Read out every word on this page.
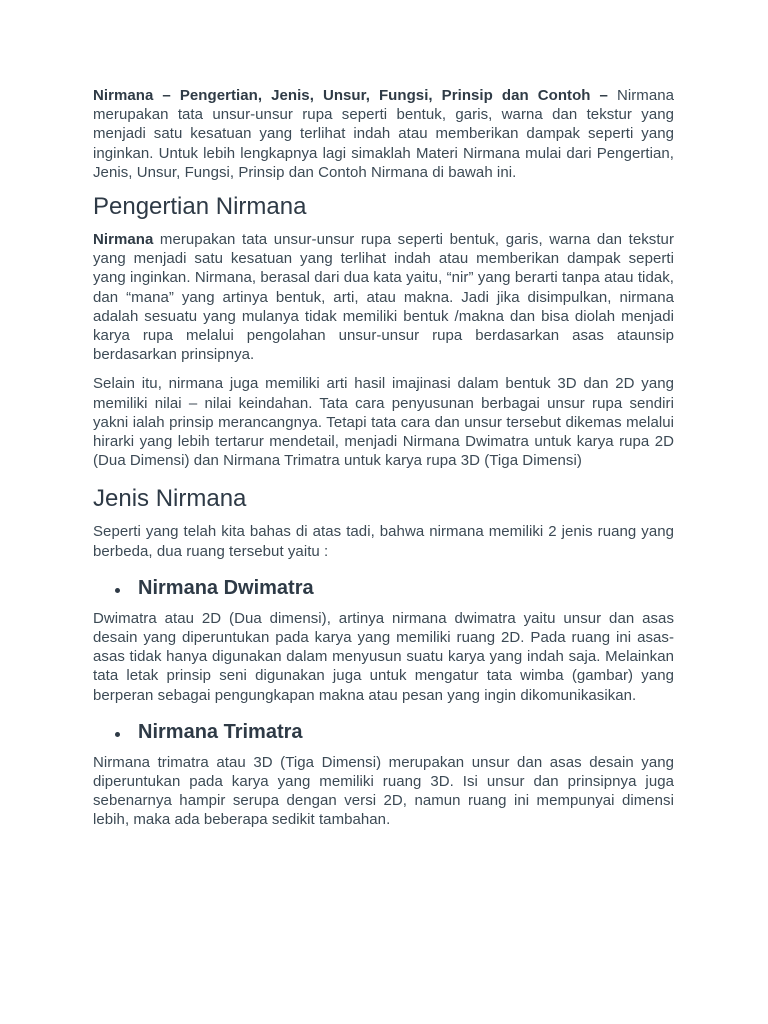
Nirmana – Pengertian, Jenis, Unsur, Fungsi, Prinsip dan Contoh – Nirmana merupakan tata unsur-unsur rupa seperti bentuk, garis, warna dan tekstur yang menjadi satu kesatuan yang terlihat indah atau memberikan dampak seperti yang inginkan. Untuk lebih lengkapnya lagi simaklah Materi Nirmana mulai dari Pengertian, Jenis, Unsur, Fungsi, Prinsip dan Contoh Nirmana di bawah ini.

Pengertian Nirmana

Nirmana merupakan tata unsur-unsur rupa seperti bentuk, garis, warna dan tekstur yang menjadi satu kesatuan yang terlihat indah atau memberikan dampak seperti yang inginkan. Nirmana, berasal dari dua kata yaitu, “nir” yang berarti tanpa atau tidak, dan “mana” yang artinya bentuk, arti, atau makna. Jadi jika disimpulkan, nirmana adalah sesuatu yang mulanya tidak memiliki bentuk /makna dan bisa diolah menjadi karya rupa melalui pengolahan unsur-unsur rupa berdasarkan asas ataunsip berdasarkan prinsipnya.

Selain itu, nirmana juga memiliki arti hasil imajinasi dalam bentuk 3D dan 2D yang memiliki nilai – nilai keindahan. Tata cara penyusunan berbagai unsur rupa sendiri yakni ialah prinsip merancangnya. Tetapi tata cara dan unsur tersebut dikemas melalui hirarki yang lebih tertarur mendetail, menjadi Nirmana Dwimatra untuk karya rupa 2D (Dua Dimensi) dan Nirmana Trimatra untuk karya rupa 3D (Tiga Dimensi)

Jenis Nirmana

Seperti yang telah kita bahas di atas tadi, bahwa nirmana memiliki 2 jenis ruang yang berbeda, dua ruang tersebut yaitu :

Nirmana Dwimatra

Dwimatra atau 2D (Dua dimensi), artinya nirmana dwimatra yaitu unsur dan asas desain yang diperuntukan pada karya yang memiliki ruang 2D. Pada ruang ini asas-asas tidak hanya digunakan dalam menyusun suatu karya yang indah saja. Melainkan tata letak prinsip seni digunakan juga untuk mengatur tata wimba (gambar) yang berperan sebagai pengungkapan makna atau pesan yang ingin dikomunikasikan.

Nirmana Trimatra

Nirmana trimatra atau 3D (Tiga Dimensi) merupakan unsur dan asas desain yang diperuntukan pada karya yang memiliki ruang 3D. Isi unsur dan prinsipnya juga sebenarnya hampir serupa dengan versi 2D, namun ruang ini mempunyai dimensi lebih, maka ada beberapa sedikit tambahan.
